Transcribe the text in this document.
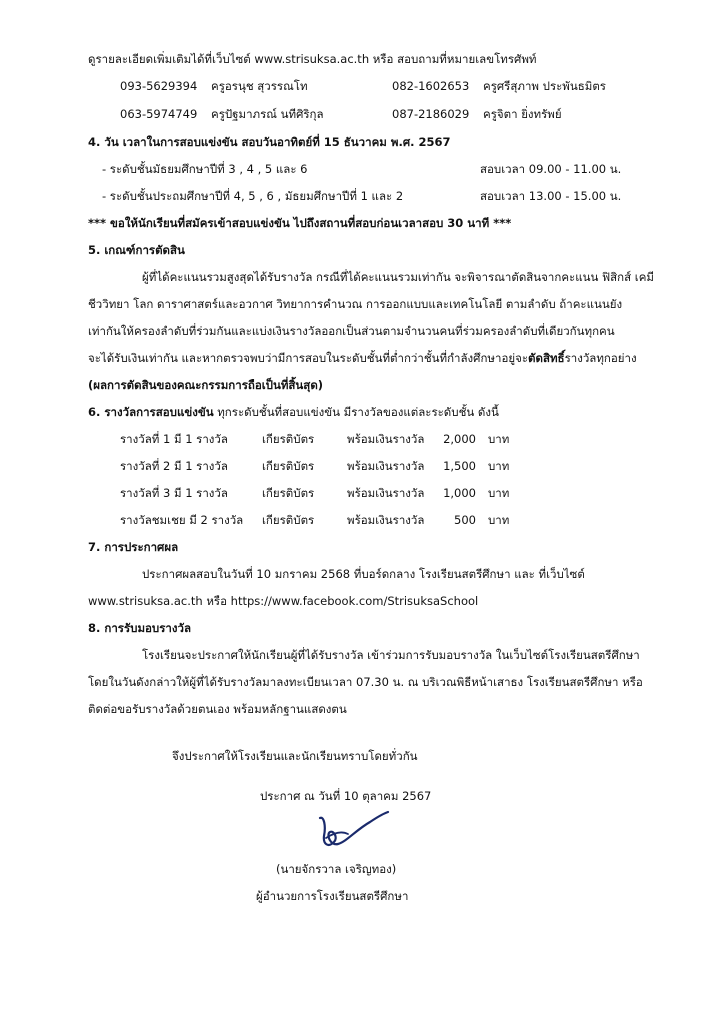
ดูรายละเอียดเพิ่มเติมได้ที่เว็บไซต์ www.strisuksa.ac.th หรือ สอบถามที่หมายเลขโทรศัพท์
093-5629394 ครูอรนุช สุวรรณโท	082-1602653 ครูศรีสุภาพ ประพันธมิตร
063-5974749 ครูปัฐมาภรณ์ นทีศิริกุล	087-2186029 ครูจิตา ยิ่งทรัพย์
4. วัน เวลาในการสอบแข่งขัน สอบวันอาทิตย์ที่ 15 ธันวาคม พ.ศ. 2567
- ระดับชั้นมัธยมศึกษาปีที่ 3 , 4 , 5 และ 6	สอบเวลา 09.00 - 11.00 น.
- ระดับชั้นประถมศึกษาปีที่ 4, 5 , 6 , มัธยมศึกษาปีที่ 1 และ 2	สอบเวลา 13.00 - 15.00 น.
*** ขอให้นักเรียนที่สมัครเข้าสอบแข่งขัน ไปถึงสถานที่สอบก่อนเวลาสอบ 30 นาที ***
5. เกณฑ์การตัดสิน
ผู้ที่ได้คะแนนรวมสูงสุดได้รับรางวัล กรณีที่ได้คะแนนรวมเท่ากัน จะพิจารณาตัดสินจากคะแนน ฟิสิกส์ เคมี
ชีววิทยา โลก ดาราศาสตร์และอวกาศ วิทยาการคำนวณ การออกแบบและเทคโนโลยี ตามลำดับ ถ้าคะแนนยัง
เท่ากันให้ครองลำดับที่ร่วมกันและแบ่งเงินรางวัลออกเป็นส่วนตามจำนวนคนที่ร่วมครองลำดับที่เดียวกันทุกคน
จะได้รับเงินเท่ากัน และหากตรวจพบว่ามีการสอบในระดับชั้นที่ต่ำกว่าชั้นที่กำลังศึกษาอยู่จะตัดสิทธิ์รางวัลทุกอย่าง
(ผลการตัดสินของคณะกรรมการถือเป็นที่สิ้นสุด)
6. รางวัลการสอบแข่งขัน ทุกระดับชั้นที่สอบแข่งขัน มีรางวัลของแต่ละระดับชั้น ดังนี้
รางวัลที่ 1 มี 1 รางวัล	เกียรติบัตร	พร้อมเงินรางวัล	2,000 บาท
รางวัลที่ 2 มี 1 รางวัล	เกียรติบัตร	พร้อมเงินรางวัล	1,500 บาท
รางวัลที่ 3 มี 1 รางวัล	เกียรติบัตร	พร้อมเงินรางวัล	1,000 บาท
รางวัลชมเชย มี 2 รางวัล เกียรติบัตร	พร้อมเงินรางวัล	500 บาท
7. การประกาศผล
ประกาศผลสอบในวันที่ 10 มกราคม 2568 ที่บอร์ดกลาง โรงเรียนสตรีศึกษา และ ที่เว็บไซต์
www.strisuksa.ac.th หรือ https://www.facebook.com/StrisuksaSchool
8. การรับมอบรางวัล
โรงเรียนจะประกาศให้นักเรียนผู้ที่ได้รับรางวัล เข้าร่วมการรับมอบรางวัล ในเว็บไซต์โรงเรียนสตรีศึกษา
โดยในวันดังกล่าวให้ผู้ที่ได้รับรางวัลมาลงทะเบียนเวลา 07.30 น. ณ บริเวณพิธีหน้าเสาธง โรงเรียนสตรีศึกษา หรือ
ติดต่อขอรับรางวัลด้วยตนเอง พร้อมหลักฐานแสดงตน
จึงประกาศให้โรงเรียนและนักเรียนทราบโดยทั่วกัน
ประกาศ ณ วันที่ 10 ตุลาคม 2567
(นายจักรวาล เจริญทอง)
ผู้อำนวยการโรงเรียนสตรีศึกษา
